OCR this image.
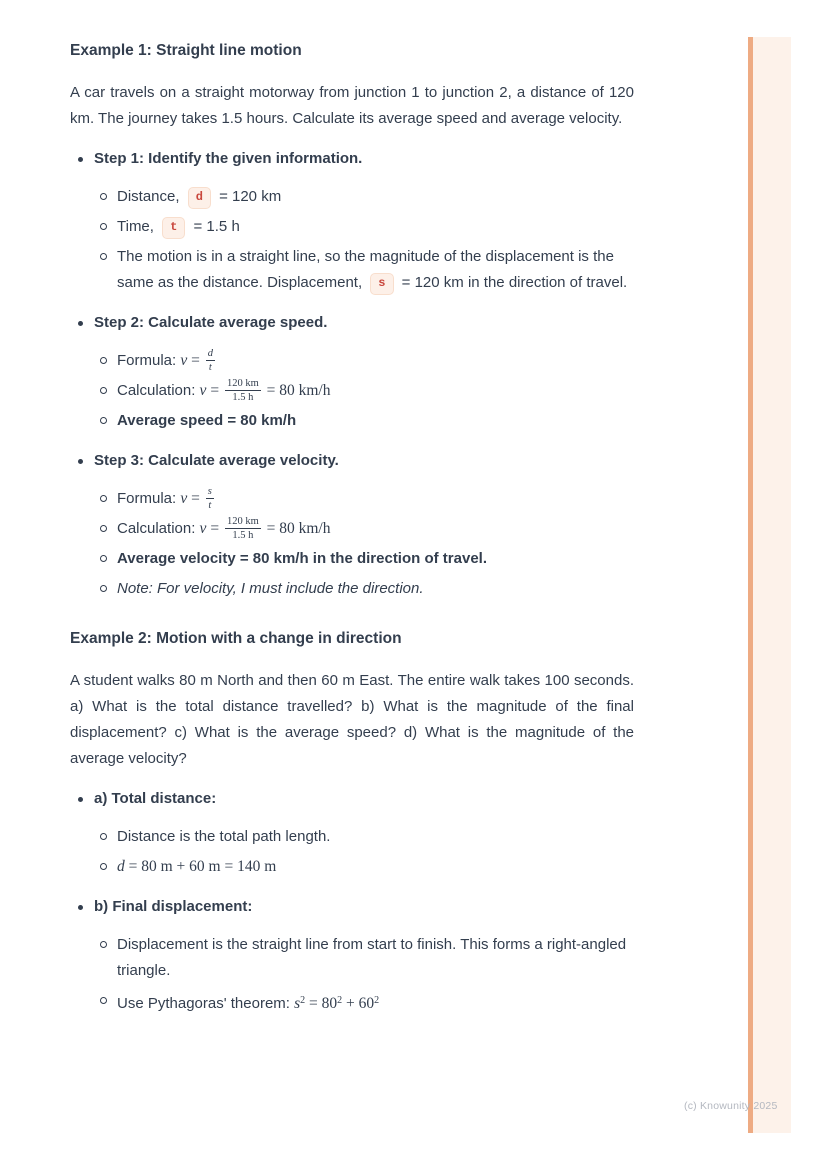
Example 1: Straight line motion
A car travels on a straight motorway from junction 1 to junction 2, a distance of 120 km. The journey takes 1.5 hours. Calculate its average speed and average velocity.
Step 1: Identify the given information.
Distance, d = 120 km
Time, t = 1.5 h
The motion is in a straight line, so the magnitude of the displacement is the same as the distance. Displacement, s = 120 km in the direction of travel.
Step 2: Calculate average speed.
Formula: $v = \frac{d}{t}$
Calculation: $v = \frac{120 km}{1.5 h} = 80$ km/h
Average speed = 80 km/h
Step 3: Calculate average velocity.
Formula: $v = \frac{s}{t}$
Calculation: $v = \frac{120 km}{1.5 h} = 80$ km/h
Average velocity = 80 km/h in the direction of travel.
Note: For velocity, I must include the direction.
Example 2: Motion with a change in direction
A student walks 80 m North and then 60 m East. The entire walk takes 100 seconds. a) What is the total distance travelled? b) What is the magnitude of the final displacement? c) What is the average speed? d) What is the magnitude of the average velocity?
a) Total distance:
Distance is the total path length.
d = 80 m + 60 m = 140 m
b) Final displacement:
Displacement is the straight line from start to finish. This forms a right-angled triangle.
Use Pythagoras' theorem: $s^2 = 80^2 + 60^2$
(c) Knowunity 2025
